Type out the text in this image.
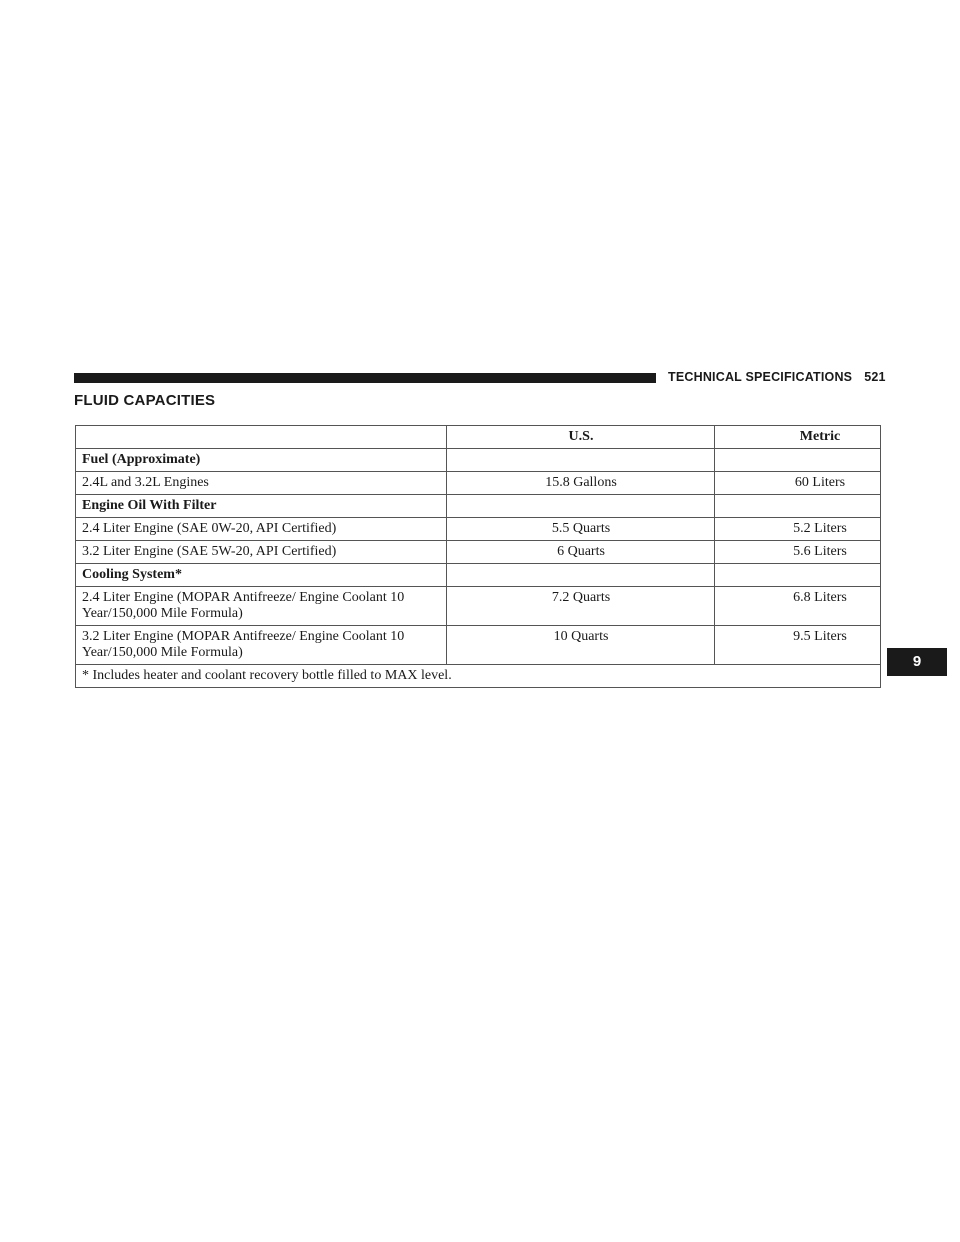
TECHNICAL SPECIFICATIONS 521
FLUID CAPACITIES
	U.S.	Metric
Fuel (Approximate)		
2.4L and 3.2L Engines	15.8 Gallons	60 Liters
Engine Oil With Filter		
2.4 Liter Engine (SAE 0W-20, API Certified)	5.5 Quarts	5.2 Liters
3.2 Liter Engine (SAE 5W-20, API Certified)	6 Quarts	5.6 Liters
Cooling System*		
2.4 Liter Engine (MOPAR Antifreeze/ Engine Coolant 10 Year/150,000 Mile Formula)	7.2 Quarts	6.8 Liters
3.2 Liter Engine (MOPAR Antifreeze/ Engine Coolant 10 Year/150,000 Mile Formula)	10 Quarts	9.5 Liters
* Includes heater and coolant recovery bottle filled to MAX level.		
9
